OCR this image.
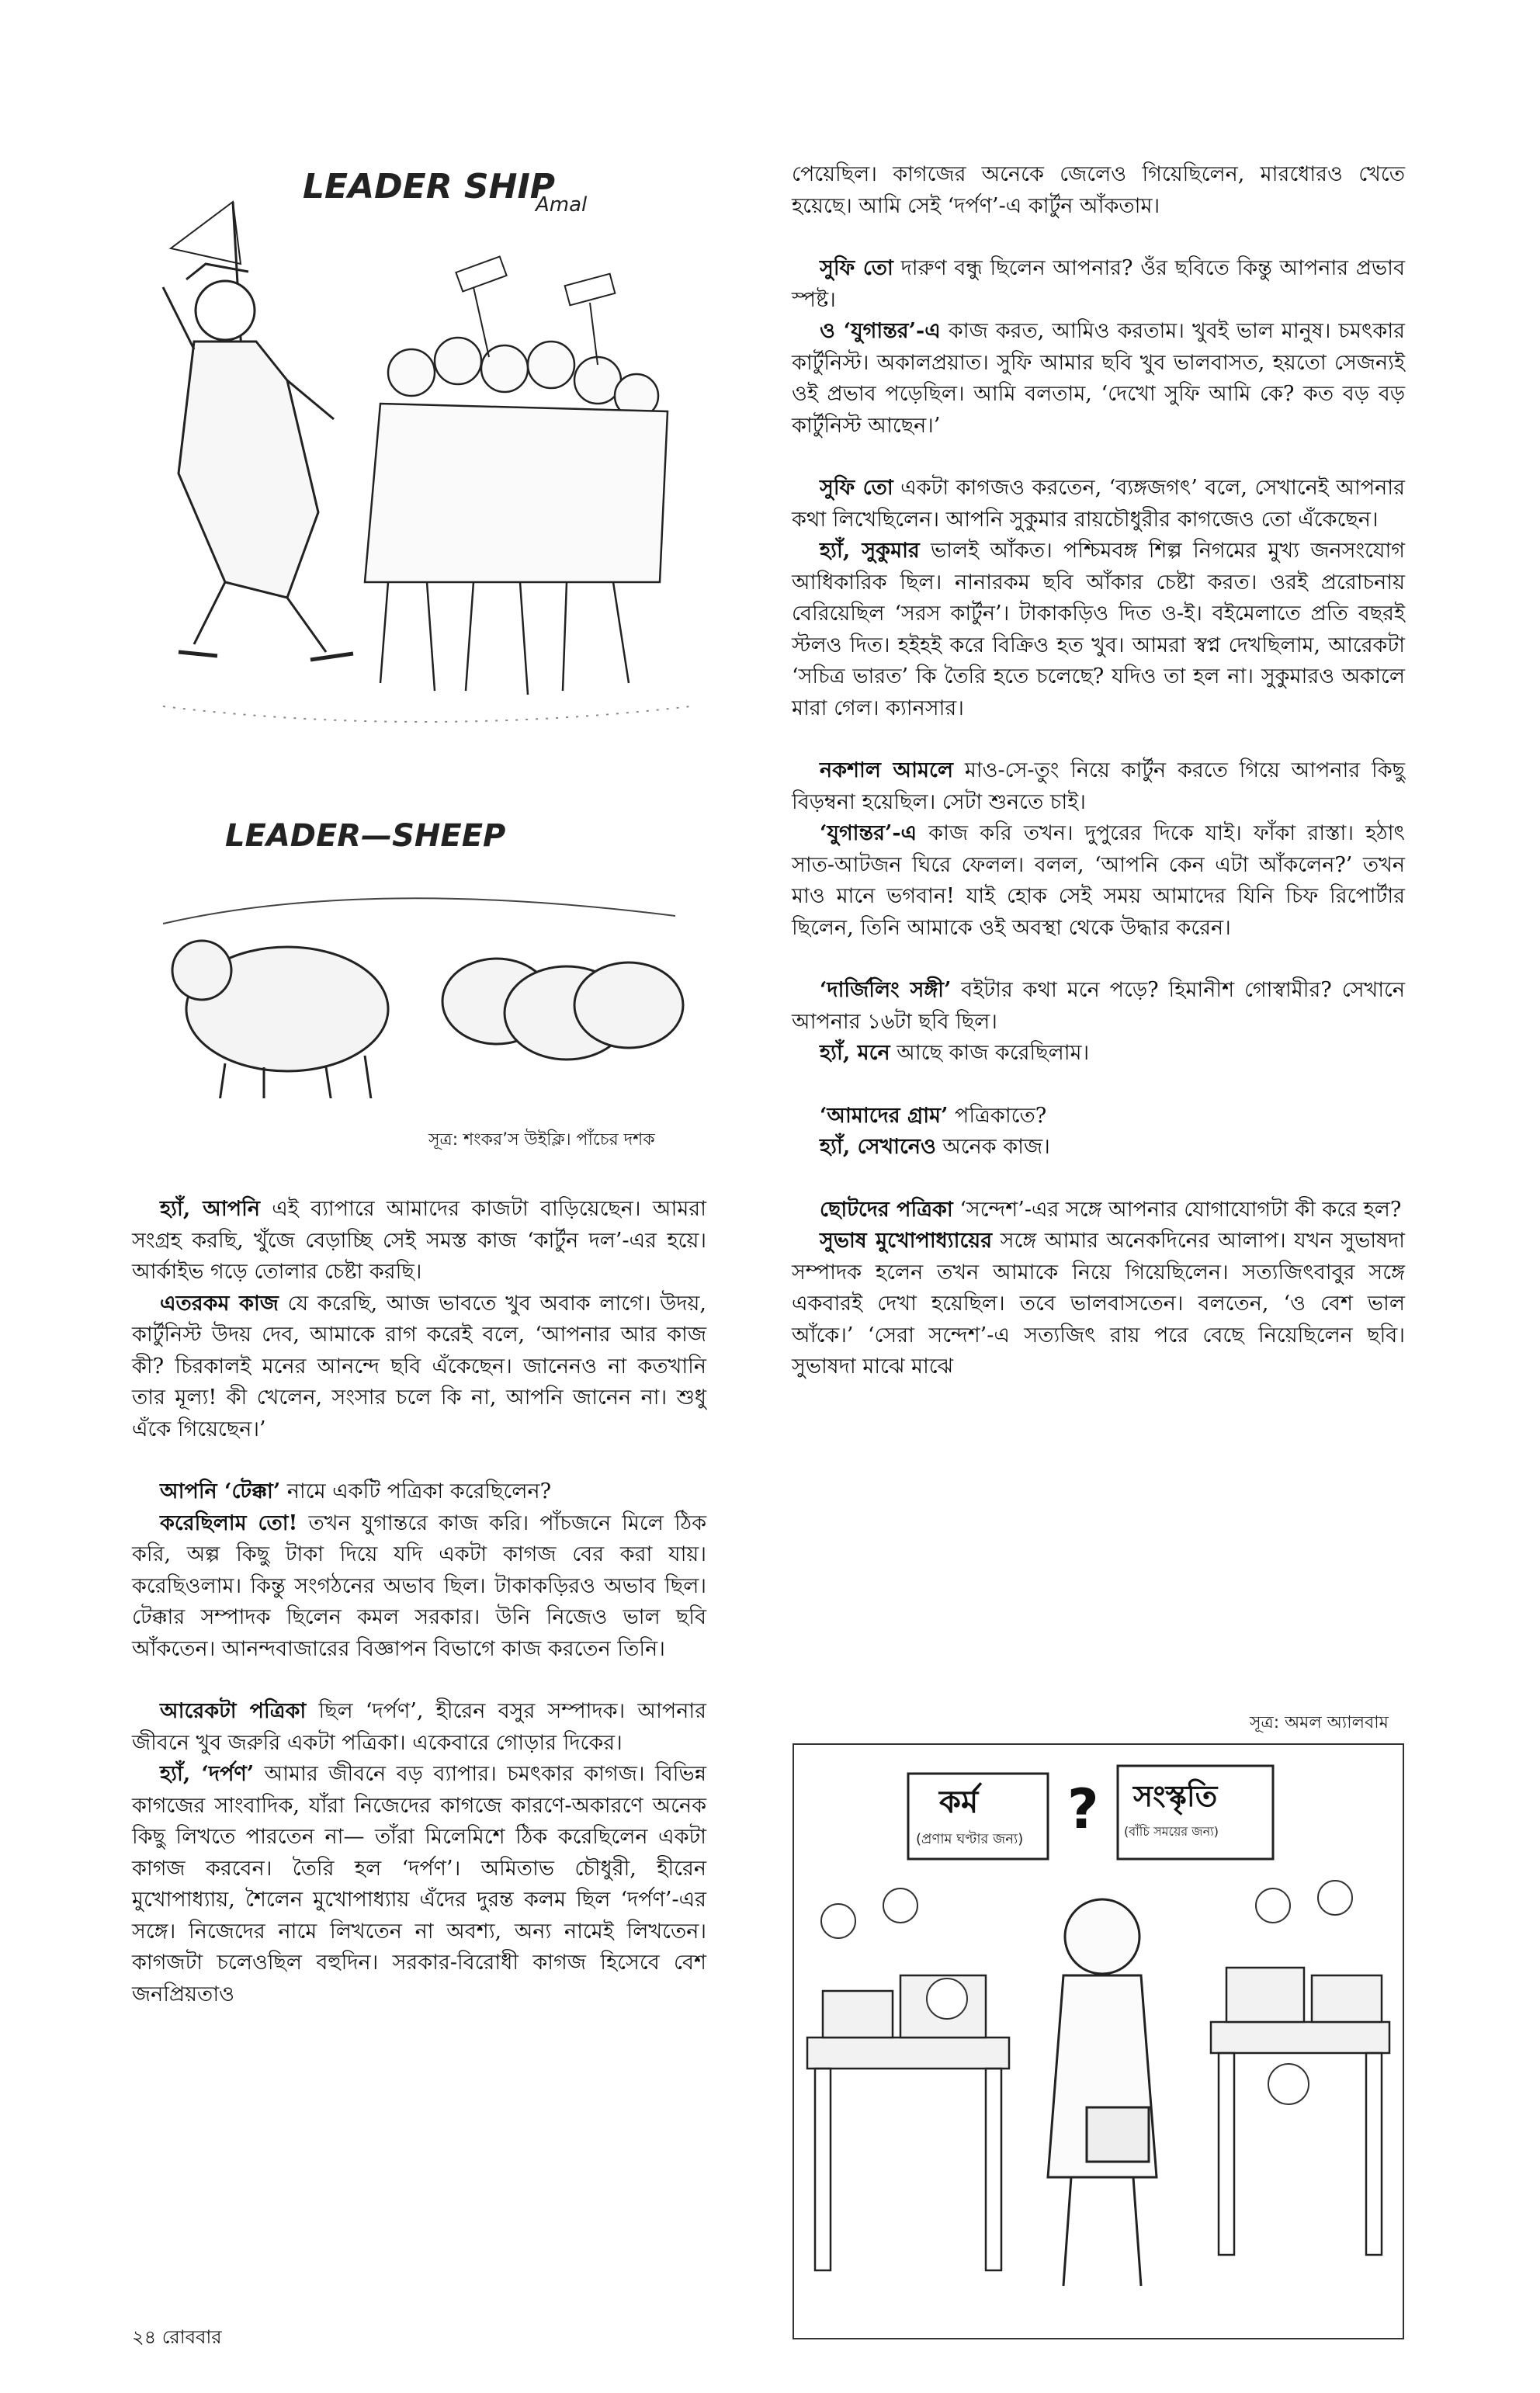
LEADER SHIP
Amal
LEADER—SHEEP
সূত্র: শংকর’স উইক্লি। পাঁচের দশক

হ্যাঁ, আপনি এই ব্যাপারে আমাদের কাজটা বাড়িয়েছেন। আমরা সংগ্রহ করছি, খুঁজে বেড়াচ্ছি সেই সমস্ত কাজ ‘কার্টুন দল’-এর হয়ে। আর্কাইভ গড়ে তোলার চেষ্টা করছি।

এতরকম কাজ যে করেছি, আজ ভাবতে খুব অবাক লাগে। উদয়, কার্টুনিস্ট উদয় দেব, আমাকে রাগ করেই বলে, ‘আপনার আর কাজ কী? চিরকালই মনের আনন্দে ছবি এঁকেছেন। জানেনও না কতখানি তার মূল্য! কী খেলেন, সংসার চলে কি না, আপনি জানেন না। শুধু এঁকে গিয়েছেন।’

আপনি ‘টেক্কা’ নামে একটি পত্রিকা করেছিলেন?

করেছিলাম তো! তখন যুগান্তরে কাজ করি। পাঁচজনে মিলে ঠিক করি, অল্প কিছু টাকা দিয়ে যদি একটা কাগজ বের করা যায়। করেছিওলাম। কিন্তু সংগঠনের অভাব ছিল। টাকাকড়িরও অভাব ছিল। টেক্কার সম্পাদক ছিলেন কমল সরকার। উনি নিজেও ভাল ছবি আঁকতেন। আনন্দবাজারের বিজ্ঞাপন বিভাগে কাজ করতেন তিনি।

আরেকটা পত্রিকা ছিল ‘দর্পণ’, হীরেন বসুর সম্পাদক। আপনার জীবনে খুব জরুরি একটা পত্রিকা। একেবারে গোড়ার দিকের।

হ্যাঁ, ‘দর্পণ’ আমার জীবনে বড় ব্যাপার। চমৎকার কাগজ। বিভিন্ন কাগজের সাংবাদিক, যাঁরা নিজেদের কাগজে কারণে-অকারণে অনেক কিছু লিখতে পারতেন না— তাঁরা মিলেমিশে ঠিক করেছিলেন একটা কাগজ করবেন। তৈরি হল ‘দর্পণ’। অমিতাভ চৌধুরী, হীরেন মুখোপাধ্যায়, শৈলেন মুখোপাধ্যায় এঁদের দুরন্ত কলম ছিল ‘দর্পণ’-এর সঙ্গে। নিজেদের নামে লিখতেন না অবশ্য, অন্য নামেই লিখতেন। কাগজটা চলেওছিল বহুদিন। সরকার-বিরোধী কাগজ হিসেবে বেশ জনপ্রিয়তাও

পেয়েছিল। কাগজের অনেকে জেলেও গিয়েছিলেন, মারধোরও খেতে হয়েছে। আমি সেই ‘দর্পণ’-এ কার্টুন আঁকতাম।

সুফি তো দারুণ বন্ধু ছিলেন আপনার? ওঁর ছবিতে কিন্তু আপনার প্রভাব স্পষ্ট।

ও ‘যুগান্তর’-এ কাজ করত, আমিও করতাম। খুবই ভাল মানুষ। চমৎকার কার্টুনিস্ট। অকালপ্রয়াত। সুফি আমার ছবি খুব ভালবাসত, হয়তো সেজন্যই ওই প্রভাব পড়েছিল। আমি বলতাম, ‘দেখো সুফি আমি কে? কত বড় বড় কার্টুনিস্ট আছেন।’

সুফি তো একটা কাগজও করতেন, ‘ব্যঙ্গজগৎ’ বলে, সেখানেই আপনার কথা লিখেছিলেন। আপনি সুকুমার রায়চৌধুরীর কাগজেও তো এঁকেছেন।

হ্যাঁ, সুকুমার ভালই আঁকত। পশ্চিমবঙ্গ শিল্প নিগমের মুখ্য জনসংযোগ আধিকারিক ছিল। নানারকম ছবি আঁকার চেষ্টা করত। ওরই প্ররোচনায় বেরিয়েছিল ‘সরস কার্টুন’। টাকাকড়িও দিত ও-ই। বইমেলাতে প্রতি বছরই স্টলও দিত। হইহই করে বিক্রিও হত খুব। আমরা স্বপ্ন দেখছিলাম, আরেকটা ‘সচিত্র ভারত’ কি তৈরি হতে চলেছে? যদিও তা হল না। সুকুমারও অকালে মারা গেল। ক্যানসার।

নকশাল আমলে মাও-সে-তুং নিয়ে কার্টুন করতে গিয়ে আপনার কিছু বিড়ম্বনা হয়েছিল। সেটা শুনতে চাই।

‘যুগান্তর’-এ কাজ করি তখন। দুপুরের দিকে যাই। ফাঁকা রাস্তা। হঠাৎ সাত-আটজন ঘিরে ফেলল। বলল, ‘আপনি কেন এটা আঁকলেন?’ তখন মাও মানে ভগবান! যাই হোক সেই সময় আমাদের যিনি চিফ রিপোর্টার ছিলেন, তিনি আমাকে ওই অবস্থা থেকে উদ্ধার করেন।

‘দার্জিলিং সঙ্গী’ বইটার কথা মনে পড়ে? হিমানীশ গোস্বামীর? সেখানে আপনার ১৬টা ছবি ছিল।

হ্যাঁ, মনে আছে কাজ করেছিলাম।

‘আমাদের গ্রাম’ পত্রিকাতে?

হ্যাঁ, সেখানেও অনেক কাজ।

ছোটদের পত্রিকা ‘সন্দেশ’-এর সঙ্গে আপনার যোগাযোগটা কী করে হল?

সুভাষ মুখোপাধ্যায়ের সঙ্গে আমার অনেকদিনের আলাপ। যখন সুভাষদা সম্পাদক হলেন তখন আমাকে নিয়ে গিয়েছিলেন। সত্যজিৎবাবুর সঙ্গে একবারই দেখা হয়েছিল। তবে ভালবাসতেন। বলতেন, ‘ও বেশ ভাল আঁকে।’ ‘সেরা সন্দেশ’-এ সত্যজিৎ রায় পরে বেছে নিয়েছিলেন ছবি। সুভাষদা মাঝে মাঝে

সূত্র: অমল অ্যালবাম
কর্ম
(প্রণাম ঘণ্টার জন্য) ? সংস্কৃতি
(বাঁচি সময়ের জন্য)
২৪ রোববার
